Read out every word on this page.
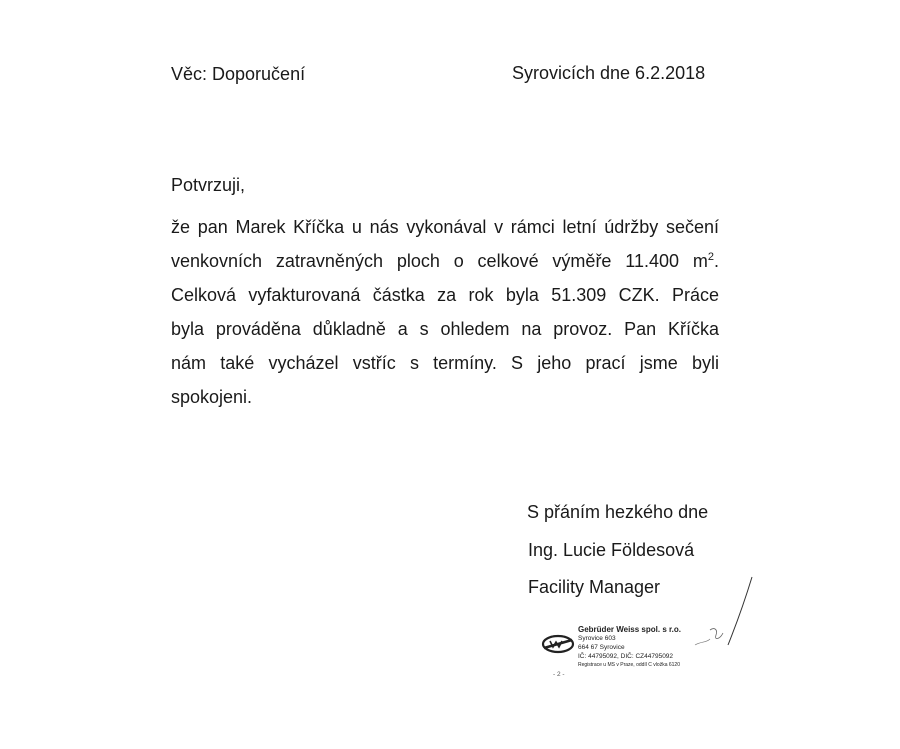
Věc: Doporučení	Syrovicích dne 6.2.2018
Potvrzuji,
že pan Marek Kříčka u nás vykonával v rámci letní údržby sečení
venkovních zatravněných ploch o celkové výměře 11.400 $m^2$.
Celková vyfakturovaná částka za rok byla 51.309 CZK. Práce
byla prováděna důkladně a s ohledem na provoz. Pan Kříčka
nám také vycházel vstříc s termíny. S jeho prací jsme byli
spokojeni.
S přáním hezkého dne
Ing. Lucie Földesová
Facility Manager
Gebrüder Weiss spol. s r.o.
Syrovice 603
664 67 Syrovice
IČ: 44795092, DIČ: CZ44795092
Registrace u MS v Praze, oddíl C vložka 6120
- 2 -
